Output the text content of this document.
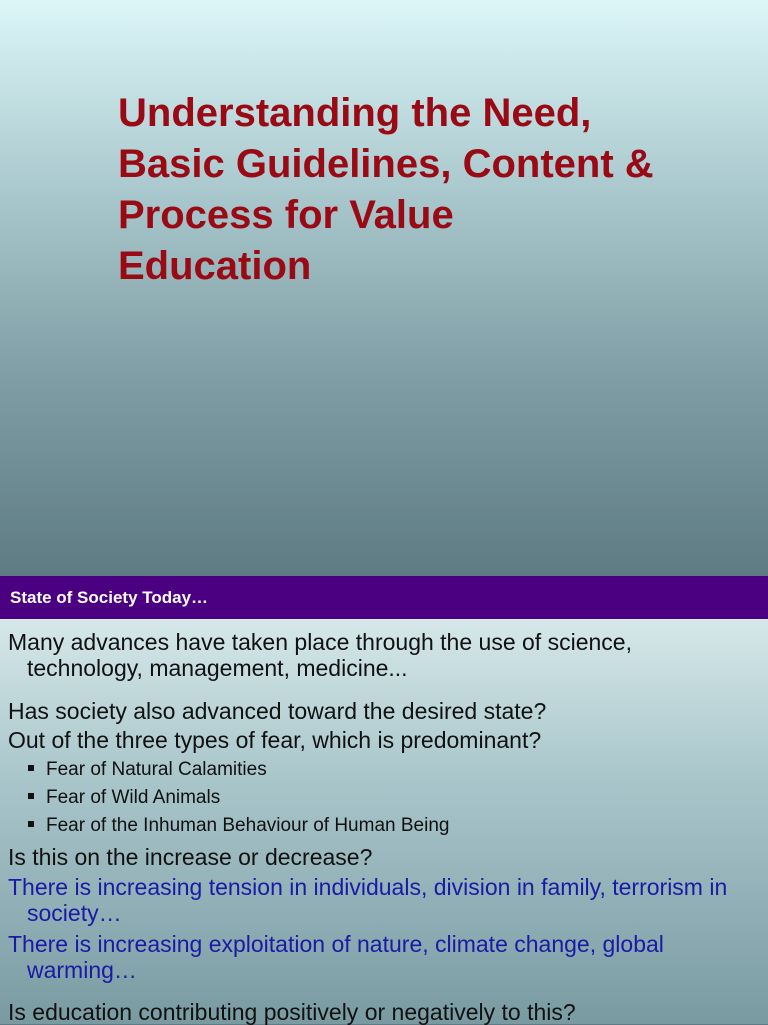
Understanding the Need,
Basic Guidelines, Content &
Process for Value
Education
State of Society Today…
Many advances have taken place through the use of science,
technology, management, medicine...
Has society also advanced toward the desired state?
Out of the three types of fear, which is predominant?
Fear of Natural Calamities
Fear of Wild Animals
Fear of the Inhuman Behaviour of Human Being
Is this on the increase or decrease?
There is increasing tension in individuals, division in family, terrorism in
society…
There is increasing exploitation of nature, climate change, global
warming…
Is education contributing positively or negatively to this?
